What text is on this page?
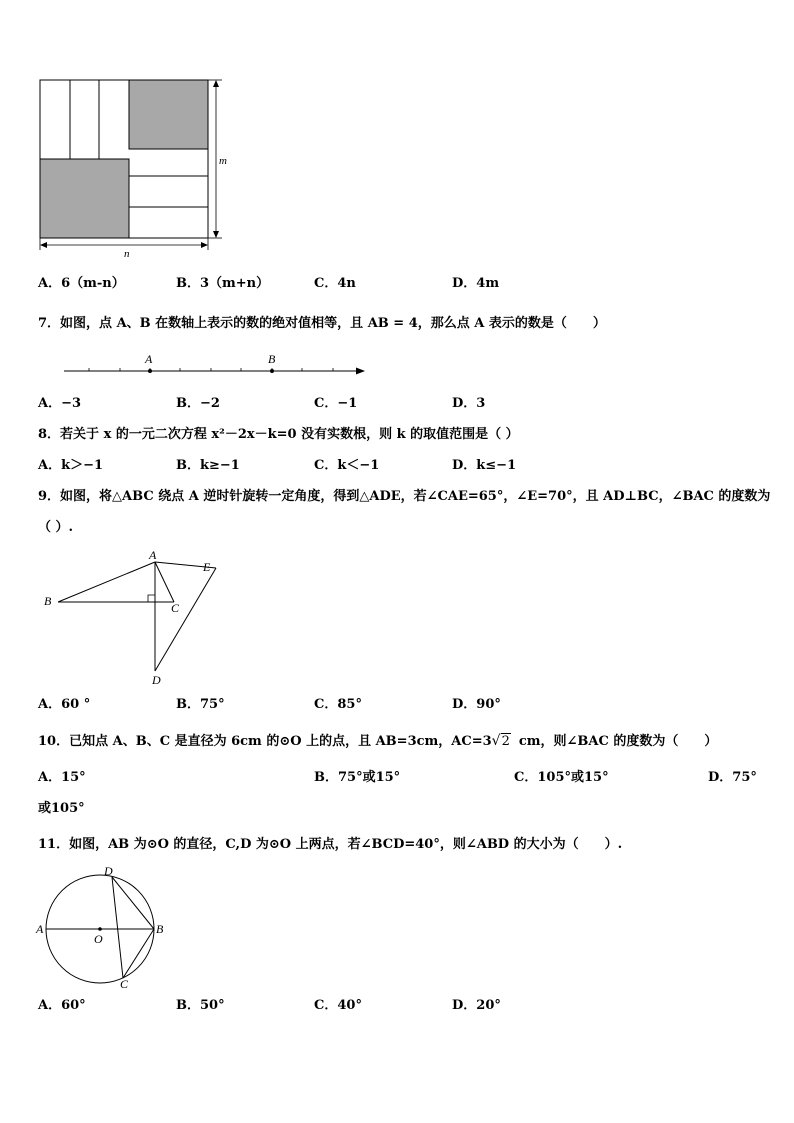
m
n
A．6（m-n）	B．3（m+n）	C．4n	D．4m
7．如图，点 A、B 在数轴上表示的数的绝对值相等，且 AB = 4，那么点 A 表示的数是（　　）
A	B
A．−3	B．−2	C．−1	D．3
8．若关于 x 的一元二次方程 x²－2x－k=0 没有实数根，则 k 的取值范围是（ ）
A．k＞−1	B．k≥−1	C．k＜−1	D．k≤−1
9．如图，将△ABC 绕点 A 逆时针旋转一定角度，得到△ADE，若∠CAE=65°，∠E=70°，且 AD⊥BC，∠BAC 的度数为
（ ）.
A
B	C
D
E
A．60 °	B．75°	C．85°	D．90°
10．已知点 A、B、C 是直径为 6cm 的⊙O 上的点，且 AB=3cm，AC=3√2 cm，则∠BAC 的度数为（　　）
A．15°	B．75°或15°	C．105°或15°	D．75°
或105°
11．如图，AB 为⊙O 的直径，C,D 为⊙O 上两点，若∠BCD=40°，则∠ABD 的大小为（　　）.
A	B
C
D
O
A．60°	B．50°	C．40°	D．20°
